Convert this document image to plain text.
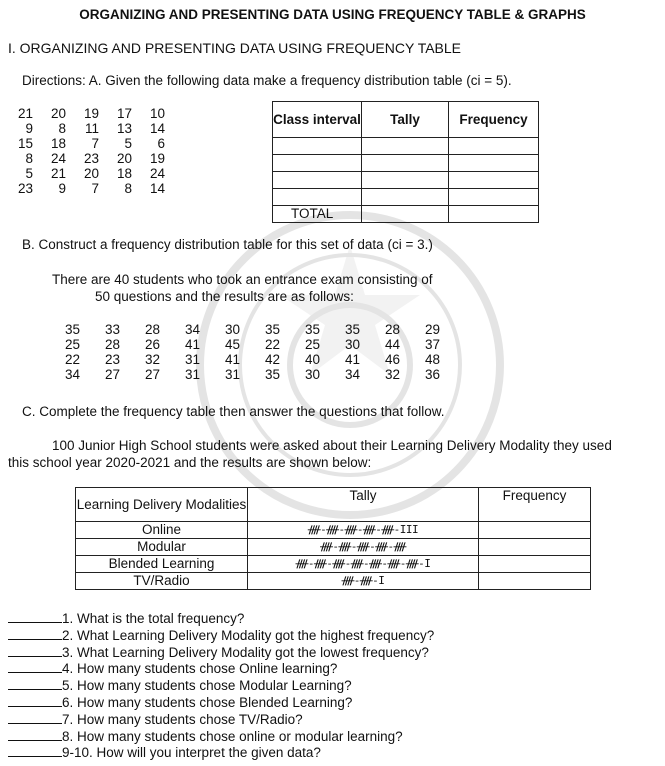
ORGANIZING AND PRESENTING DATA USING FREQUENCY TABLE & GRAPHS
I. ORGANIZING AND PRESENTING DATA USING FREQUENCY TABLE
Directions: A. Given the following data make a frequency distribution table (ci = 5).
21	20	19	17	10
9	8	11	13	14
15	18	7	5	6
8	24	23	20	19
5	21	20	18	24
23	9	7	8	14
Class interval	Tally	Frequency

TOTAL		
B. Construct a frequency distribution table for this set of data (ci = 3.)
There are 40 students who took an entrance exam consisting of
50 questions and the results are as follows:
35	33	28	34	30	35	35	35	28	29
25	28	26	41	45	22	25	30	44	37
22	23	32	31	41	42	40	41	46	48
34	27	27	31	31	35	30	34	32	36
C. Complete the frequency table then answer the questions that follow.
100 Junior High School students were asked about their Learning Delivery Modality they used
this school year 2020-2021 and the results are shown below:
Learning Delivery Modalities	Tally	Frequency
Online	ᚎ-ᚎ-ᚎ-ᚎ-ᚎ-III	
Modular	ᚎ-ᚎ-ᚎ-ᚎ-ᚎ	
Blended Learning	ᚎ-ᚎ-ᚎ-ᚎ-ᚎ-ᚎ-ᚎ-I	
TV/Radio	ᚎ-ᚎ-I	
1. What is the total frequency?
2. What Learning Delivery Modality got the highest frequency?
3. What Learning Delivery Modality got the lowest frequency?
4. How many students chose Online learning?
5. How many students chose Modular Learning?
6. How many students chose Blended Learning?
7. How many students chose TV/Radio?
8. How many students chose online or modular learning?
9-10. How will you interpret the given data?
